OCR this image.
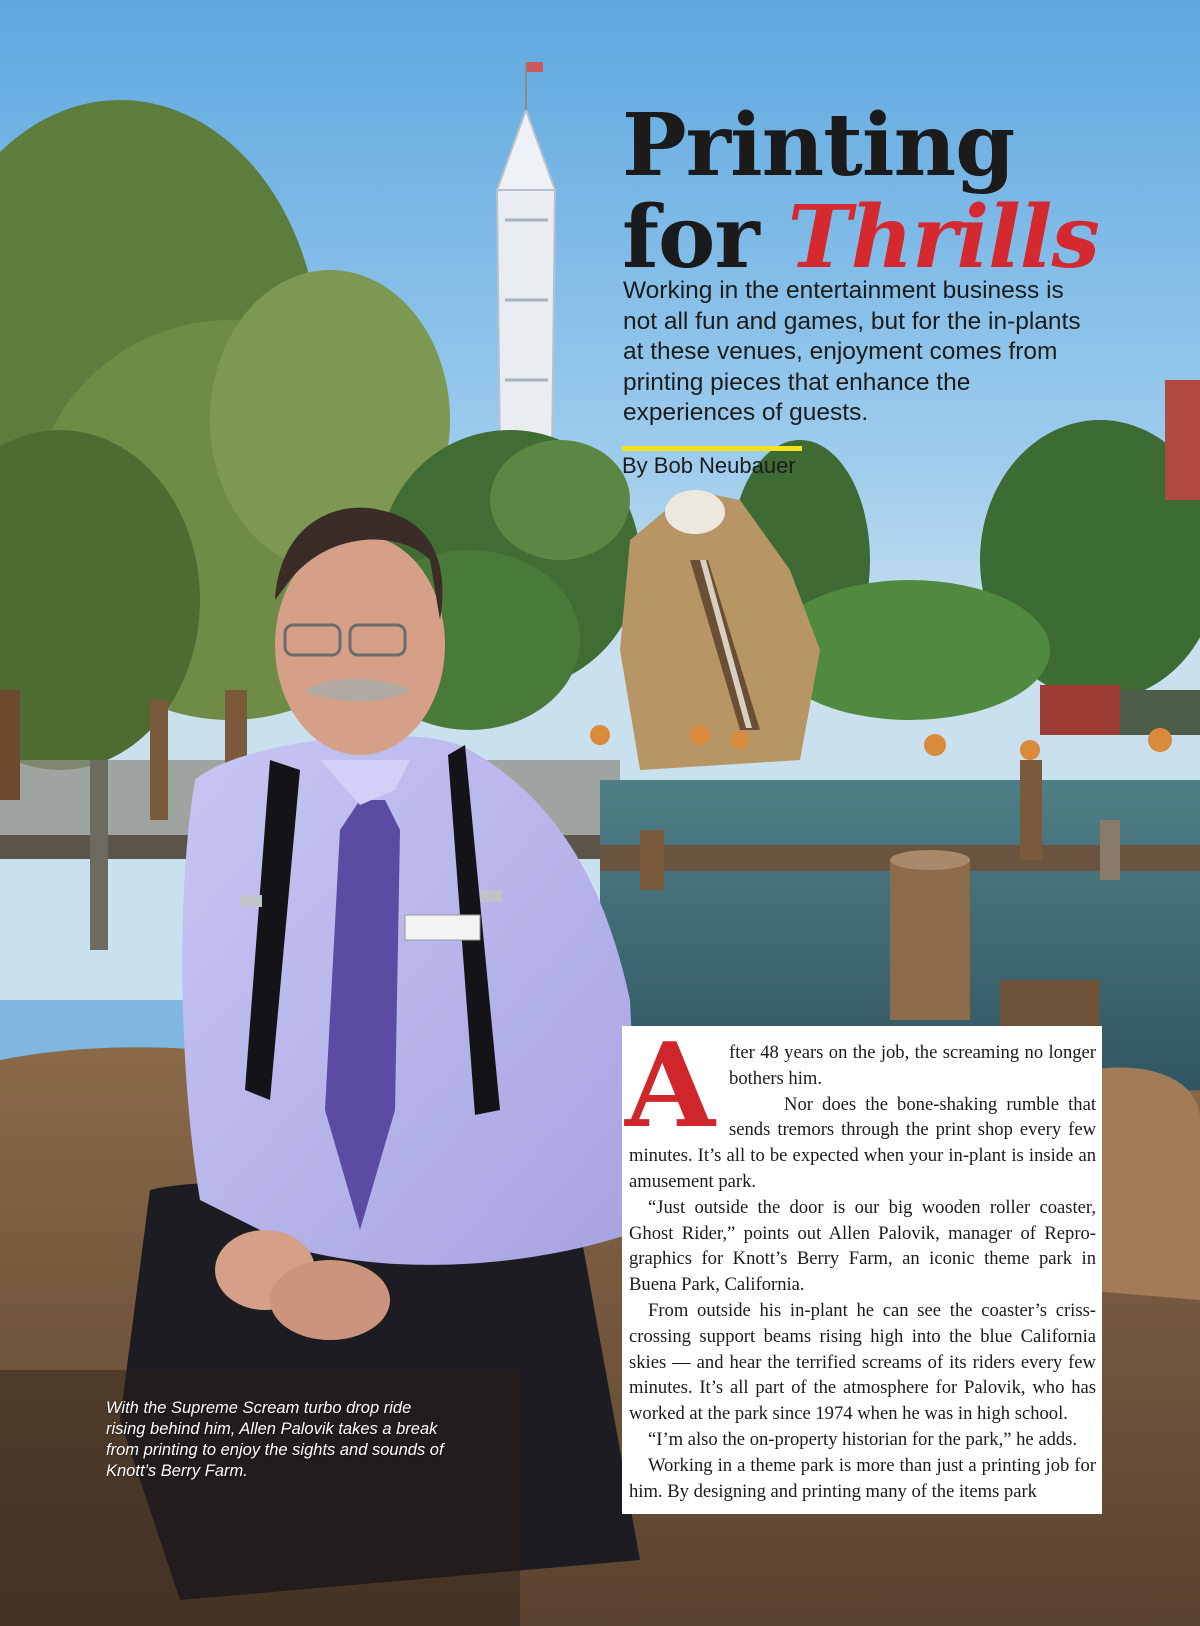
Printing
for Thrills

Working in the entertainment business is not all fun and games, but for the in-plants at these venues, enjoyment comes from printing pieces that enhance the experiences of guests.

By Bob Neubauer

After 48 years on the job, the screaming no longer bothers him.

Nor does the bone-shaking rumble that sends tremors through the print shop every few minutes. It’s all to be expected when your in-plant is inside an amusement park.

“Just outside the door is our big wooden roller coaster, Ghost Rider,” points out Allen Palovik, manager of Repro-graphics for Knott’s Berry Farm, an iconic theme park in Buena Park, California.

From outside his in-plant he can see the coaster’s criss-crossing support beams rising high into the blue California skies — and hear the terrified screams of its riders every few minutes. It’s all part of the atmosphere for Palovik, who has worked at the park since 1974 when he was in high school.

“I’m also the on-property historian for the park,” he adds.

Working in a theme park is more than just a printing job for him. By designing and printing many of the items park

With the Supreme Scream turbo drop ride rising behind him, Allen Palovik takes a break from printing to enjoy the sights and sounds of Knott’s Berry Farm.
